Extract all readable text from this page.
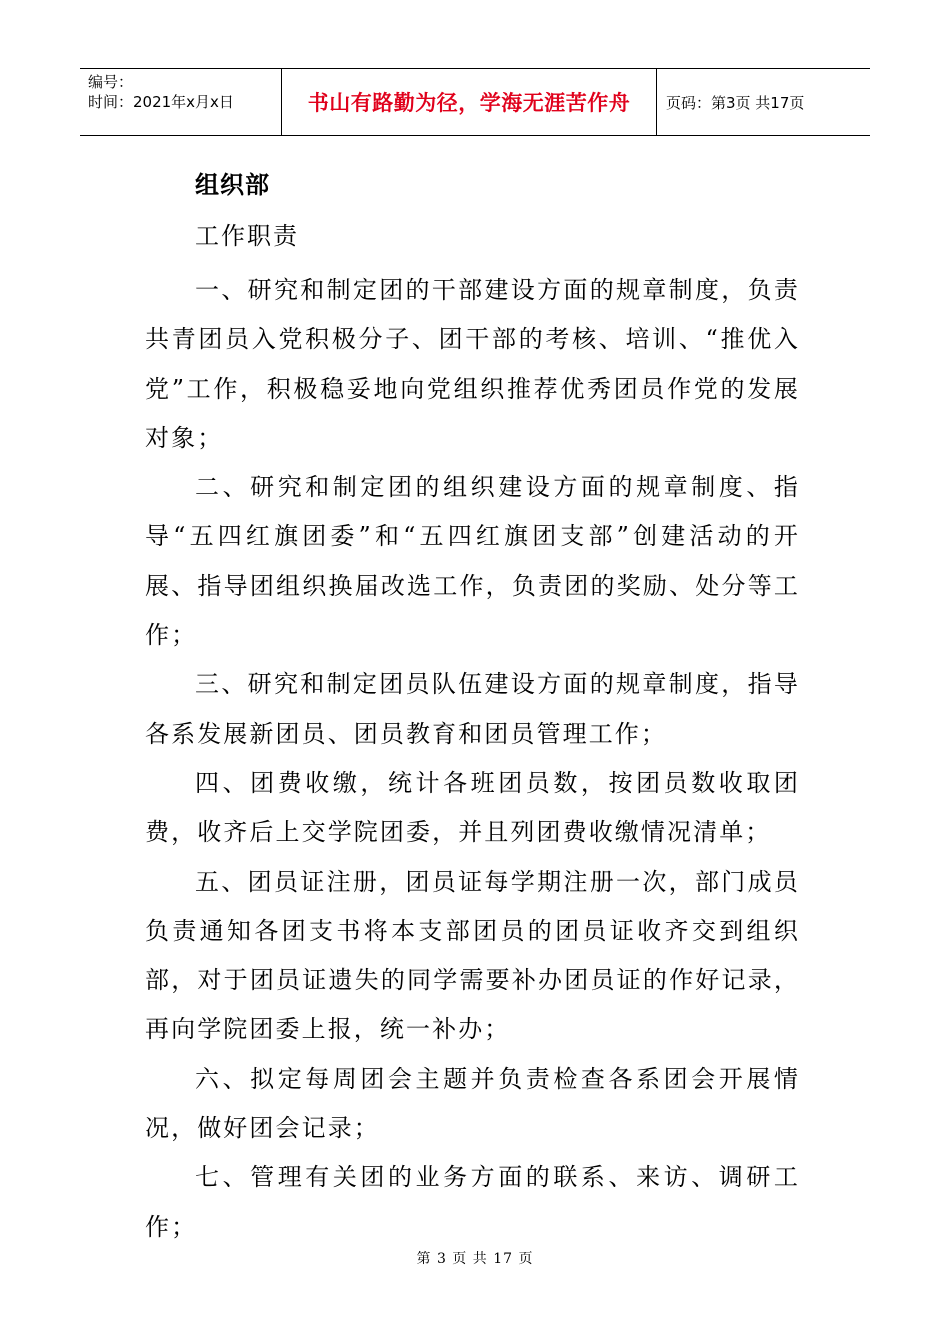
编号：
时间：2021年x月x日	书山有路勤为径，学海无涯苦作舟	页码：第3页 共17页
组织部
工作职责

一、研究和制定团的干部建设方面的规章制度，负责共青团员入党积极分子、团干部的考核、培训、“推优入党”工作，积极稳妥地向党组织推荐优秀团员作党的发展对象；

二、研究和制定团的组织建设方面的规章制度、指导“五四红旗团委”和“五四红旗团支部”创建活动的开展、指导团组织换届改选工作，负责团的奖励、处分等工作；

三、研究和制定团员队伍建设方面的规章制度，指导各系发展新团员、团员教育和团员管理工作；

四、团费收缴，统计各班团员数，按团员数收取团费，收齐后上交学院团委，并且列团费收缴情况清单；

五、团员证注册，团员证每学期注册一次，部门成员负责通知各团支书将本支部团员的团员证收齐交到组织部，对于团员证遗失的同学需要补办团员证的作好记录，再向学院团委上报，统一补办；

六、拟定每周团会主题并负责检查各系团会开展情况，做好团会记录；

七、管理有关团的业务方面的联系、来访、调研工作；

第 3 页 共 17 页
